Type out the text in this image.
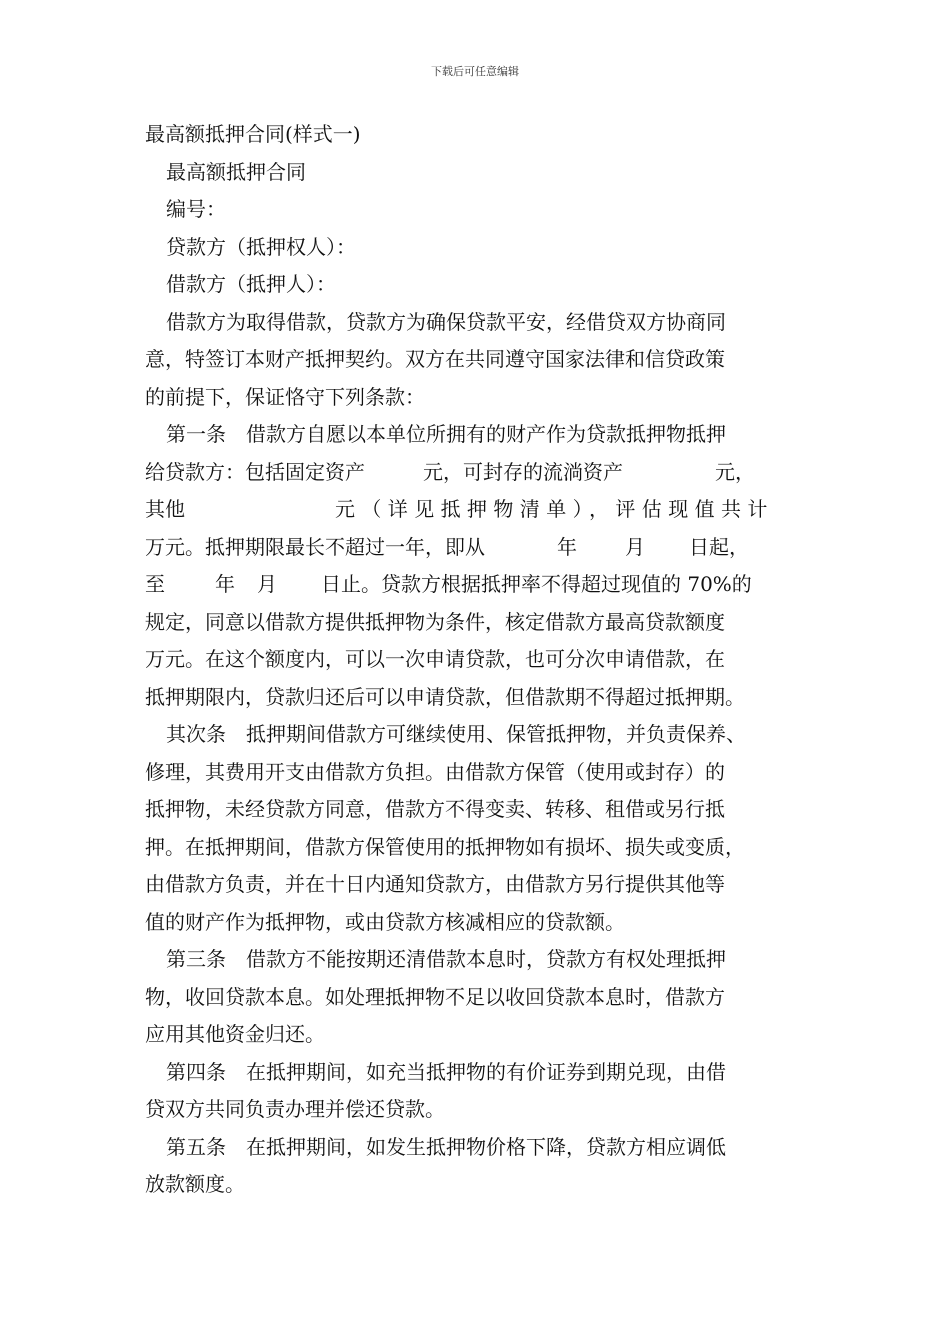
下载后可任意编辑

最高额抵押合同(样式一)

最高额抵押合同

编号：

贷款方（抵押权人）：

借款方（抵押人）：

借款方为取得借款，贷款方为确保贷款平安，经借贷双方协商同

意，特签订本财产抵押契约。双方在共同遵守国家法律和信贷政策

的前提下，保证恪守下列条款：

第一条　借款方自愿以本单位所拥有的财产作为贷款抵押物抵押

给贷款方：包括固定资产	元，可封存的流淌资产	元，

其他	元（详见抵押物清单），评估现值共计

万元。抵押期限最长不超过一年，即从	年 月 日起，

至	年 月 日止。贷款方根据抵押率不得超过现值的 70%的

规定，同意以借款方提供抵押物为条件，核定借款方最高贷款额度

万元。在这个额度内，可以一次申请贷款，也可分次申请借款，在

抵押期限内，贷款归还后可以申请贷款，但借款期不得超过抵押期。

其次条　抵押期间借款方可继续使用、保管抵押物，并负责保养、

修理，其费用开支由借款方负担。由借款方保管（使用或封存）的

抵押物，未经贷款方同意，借款方不得变卖、转移、租借或另行抵

押。在抵押期间，借款方保管使用的抵押物如有损坏、损失或变质，

由借款方负责，并在十日内通知贷款方，由借款方另行提供其他等

值的财产作为抵押物，或由贷款方核减相应的贷款额。

第三条　借款方不能按期还清借款本息时，贷款方有权处理抵押

物，收回贷款本息。如处理抵押物不足以收回贷款本息时，借款方

应用其他资金归还。

第四条　在抵押期间，如充当抵押物的有价证券到期兑现，由借

贷双方共同负责办理并偿还贷款。

第五条　在抵押期间，如发生抵押物价格下降，贷款方相应调低

放款额度。
